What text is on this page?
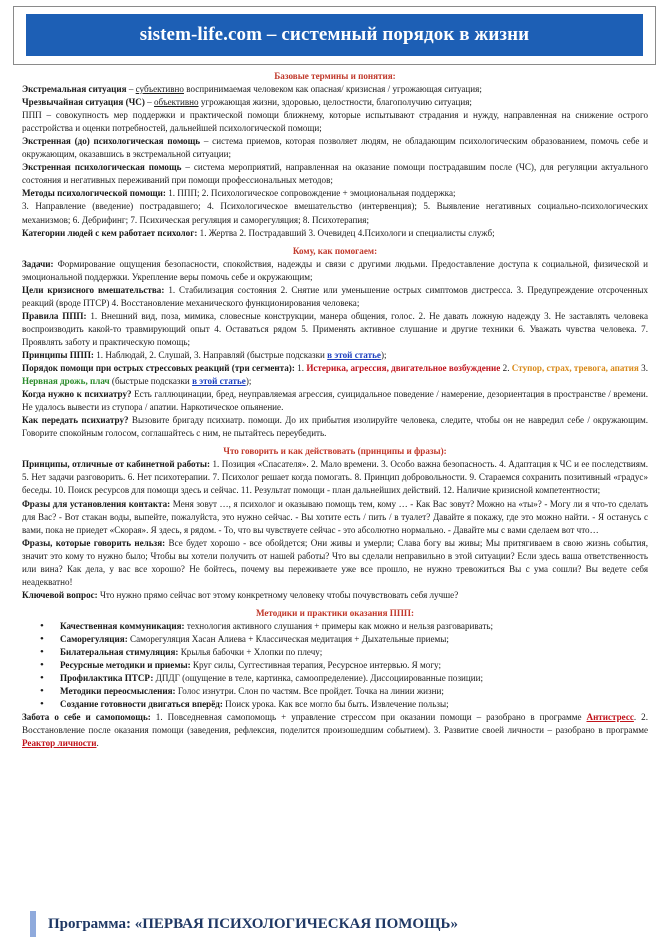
sistem-life.com – системный порядок в жизни

Базовые термины и понятия:

Экстремальная ситуация – субъективно воспринимаемая человеком как опасная/ кризисная / угрожающая ситуация;

Чрезвычайная ситуация (ЧС) – объективно угрожающая жизни, здоровью, целостности, благополучию ситуация;

ППП – совокупность мер поддержки и практической помощи ближнему, которые испытывают страдания и нужду, направленная на снижение острого расстройства и оценки потребностей, дальнейшей психологической помощи;

Экстренная (до) психологическая помощь – система приемов, которая позволяет людям, не обладающим психологическим образованием, помочь себе и окружающим, оказавшись в экстремальной ситуации;

Экстренная психологическая помощь – система мероприятий, направленная на оказание помощи пострадавшим после (ЧС), для регуляции актуального состояния и негативных переживаний при помощи профессиональных методов;

Методы психологической помощи: 1. ППП; 2. Психологическое сопровождение + эмоциональная поддержка;

3. Направление (введение) пострадавшего; 4. Психологическое вмешательство (интервенция); 5. Выявление негативных социально-психологических механизмов; 6. Дебрифинг; 7. Психическая регуляция и саморегуляция; 8. Психотерапия;

Категории людей с кем работает психолог: 1. Жертва 2. Пострадавший 3. Очевидец 4.Психологи и специалисты служб;

Кому, как помогаем:

Задачи: Формирование ощущения безопасности, спокойствия, надежды и связи с другими людьми. Предоставление доступа к социальной, физической и эмоциональной поддержки. Укрепление веры помочь себе и окружающим;

Цели кризисного вмешательства: 1. Стабилизация состояния 2. Снятие или уменьшение острых симптомов дистресса. 3. Предупреждение отсроченных реакций (вроде ПТСР) 4. Восстановление механического функционирования человека;

Правила ППП: 1. Внешний вид, поза, мимика, словесные конструкции, манера общения, голос. 2. Не давать ложную надежду 3. Не заставлять человека воспроизводить какой-то травмирующий опыт 4. Оставаться рядом 5. Применять активное слушание и другие техники 6. Уважать чувства человека. 7. Проявлять заботу и практическую помощь;

Принципы ППП: 1. Наблюдай, 2. Слушай, 3. Направляй (быстрые подсказки в этой статье);

Порядок помощи при острых стрессовых реакций (три сегмента): 1. Истерика, агрессия, двигательное возбуждение 2. Ступор, страх, тревога, апатия 3. Нервная дрожь, плач (быстрые подсказки в этой статье);

Когда нужно к психиатру? Есть галлюцинации, бред, неуправляемая агрессия, суицидальное поведение / намерение, дезориентация в пространстве / времени. Не удалось вывести из ступора / апатии. Наркотическое опьянение.

Как передать психиатру? Вызовите бригаду психиатр. помощи. До их прибытия изолируйте человека, следите, чтобы он не навредил себе / окружающим. Говорите спокойным голосом, соглашайтесь с ним, не пытайтесь переубедить.

Что говорить и как действовать (принципы и фразы):

Принципы, отличные от кабинетной работы: 1. Позиция «Спасателя». 2. Мало времени. 3. Особо важна безопасность. 4. Адаптация к ЧС и ее последствиям. 5. Нет задачи разговорить. 6. Нет психотерапии. 7. Психолог решает когда помогать. 8. Принцип добровольности. 9. Стараемся сохранить позитивный «градус» беседы. 10. Поиск ресурсов для помощи здесь и сейчас. 11. Результат помощи - план дальнейших действий. 12. Наличие кризисной компетентности;

Фразы для установления контакта: Меня зовут …, я психолог и оказываю помощь тем, кому … - Как Вас зовут? Можно на «ты»? - Могу ли я что-то сделать для Вас? - Вот стакан воды, выпейте, пожалуйста, это нужно сейчас. - Вы хотите есть / пить / в туалет? Давайте я покажу, где это можно найти. - Я останусь с вами, пока не приедет «Скорая». Я здесь, я рядом. - То, что вы чувствуете сейчас - это абсолютно нормально. - Давайте мы с вами сделаем вот что…

Фразы, которые говорить нельзя: Все будет хорошо - все обойдется; Они живы и умерли; Слава богу вы живы; Мы притягиваем в свою жизнь события, значит это кому то нужно было; Чтобы вы хотели получить от нашей работы? Что вы сделали неправильно в этой ситуации? Если здесь ваша ответственность или вина? Как дела, у вас все хорошо? Не бойтесь, почему вы переживаете уже все прошло, не нужно тревожиться Вы с ума сошли? Вы ведете себя неадекватно!

Ключевой вопрос: Что нужно прямо сейчас вот этому конкретному человеку чтобы почувствовать себя лучше?

Методики и практики оказания ППП:

• Качественная коммуникация: технология активного слушания + примеры как можно и нельзя разговаривать;
• Саморегуляция: Саморегуляция Хасан Алиева + Классическая медитация + Дыхательные приемы;
• Билатеральная стимуляция: Крылья бабочки + Хлопки по плечу;
• Ресурсные методики и приемы: Круг силы, Суггестивная терапия, Ресурсное интервью. Я могу;
• Профилактика ПТСР: ДПДГ (ощущение в теле, картинка, самоопределение). Диссоциированные позиции;
• Методики переосмысления: Голос изнутри. Слон по частям. Все пройдет. Точка на линии жизни;
• Создание готовности двигаться вперёд: Поиск урока. Как все могло бы быть. Извлечение пользы;

Забота о себе и самопомощь: 1. Повседневная самопомощь + управление стрессом при оказании помощи – разобрано в программе Антистресс. 2. Восстановление после оказания помощи (заведения, рефлексия, поделится произошедшим событием). 3. Развитие своей личности – разобрано в программе Реактор личности.

Программа: «ПЕРВАЯ ПСИХОЛОГИЧЕСКАЯ ПОМОЩЬ»
